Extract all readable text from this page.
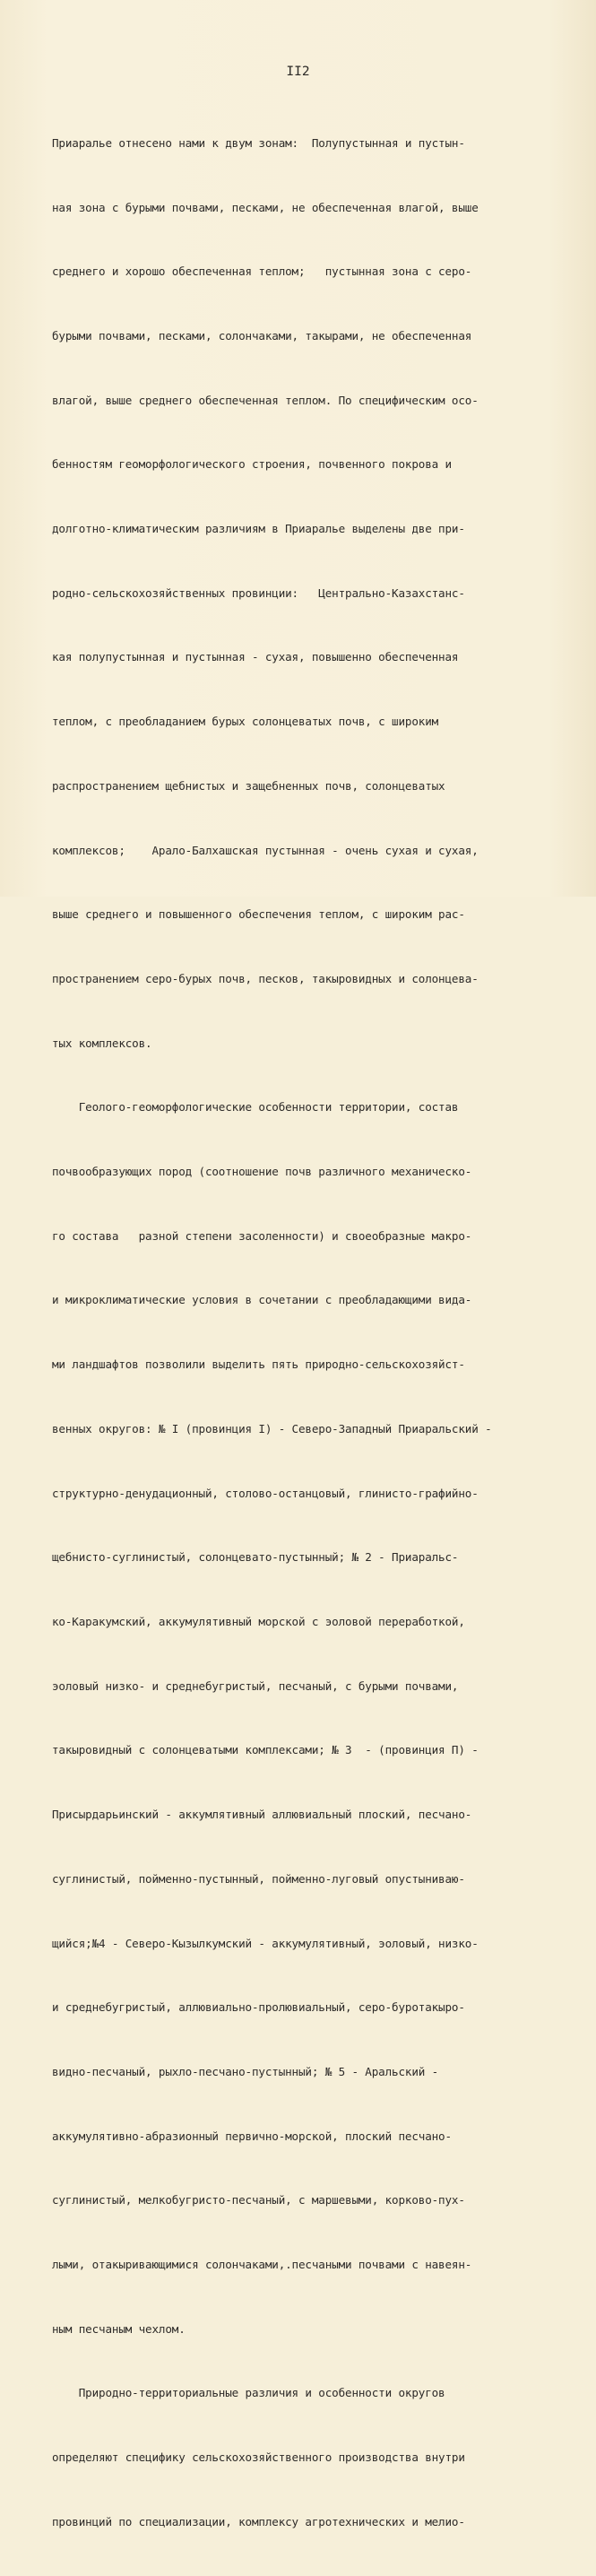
II2

Приаралье отнесено нами к двум зонам:  Полупустынная и пустын-

ная зона с бурыми почвами, песками, не обеспеченная влагой, выше

среднего и хорошо обеспеченная теплом;   пустынная зона с серо-

бурыми почвами, песками, солончаками, такырами, не обеспеченная

влагой, выше среднего обеспеченная теплом. По специфическим осо-

бенностям геоморфологического строения, почвенного покрова и

долготно-климатическим различиям в Приаралье выделены две при-

родно-сельскохозяйственных провинции:   Центрально-Казахстанс-

кая полупустынная и пустынная - сухая, повышенно обеспеченная

теплом, с преобладанием бурых солонцеватых почв, с широким

распространением щебнистых и защебненных почв, солонцеватых

комплексов;    Арало-Балхашская пустынная - очень сухая и сухая,

выше среднего и повышенного обеспечения теплом, с широким рас-

пространением серо-бурых почв, песков, такыровидных и солонцева-

тых комплексов.

Геолого-геоморфологические особенности территории, состав

почвообразующих пород (соотношение почв различного механическо-

го состава   разной степени засоленности) и своеобразные макро-

и микроклиматические условия в сочетании с преобладающими вида-

ми ландшафтов позволили выделить пять природно-сельскохозяйст-

венных округов: № I (провинция I) - Северо-Западный Приаральский -

структурно-денудационный, столово-останцовый, глинисто-графийно-

щебнисто-суглинистый, солонцевато-пустынный; № 2 - Приаральс-

ко-Каракумский, аккумулятивный морской с эоловой переработкой,

эоловый низко- и среднебугристый, песчаный, с бурыми почвами,

такыровидный с солонцеватыми комплексами; № 3  - (провинция П) -

Присырдарьинский - аккумлятивный аллювиальный плоский, песчано-

суглинистый, пойменно-пустынный, пойменно-луговый опустыниваю-

щийся;№4 - Северо-Кызылкумский - аккумулятивный, эоловый, низко-

и среднебугристый, аллювиально-пролювиальный, серо-буротакыро-

видно-песчаный, рыхло-песчано-пустынный; № 5 - Аральский -

аккумулятивно-абразионный первично-морской, плоский песчано-

суглинистый, мелкобугристо-песчаный, с маршевыми, корково-пух-

лыми, отакыривающимися солончаками,.песчаными почвами с навеян-

ным песчаным чехлом.

Природно-территориальные различия и особенности округов

определяют специфику сельскохозяйственного производства внутри

провинций по специализации, комплексу агротехнических и мелио-
